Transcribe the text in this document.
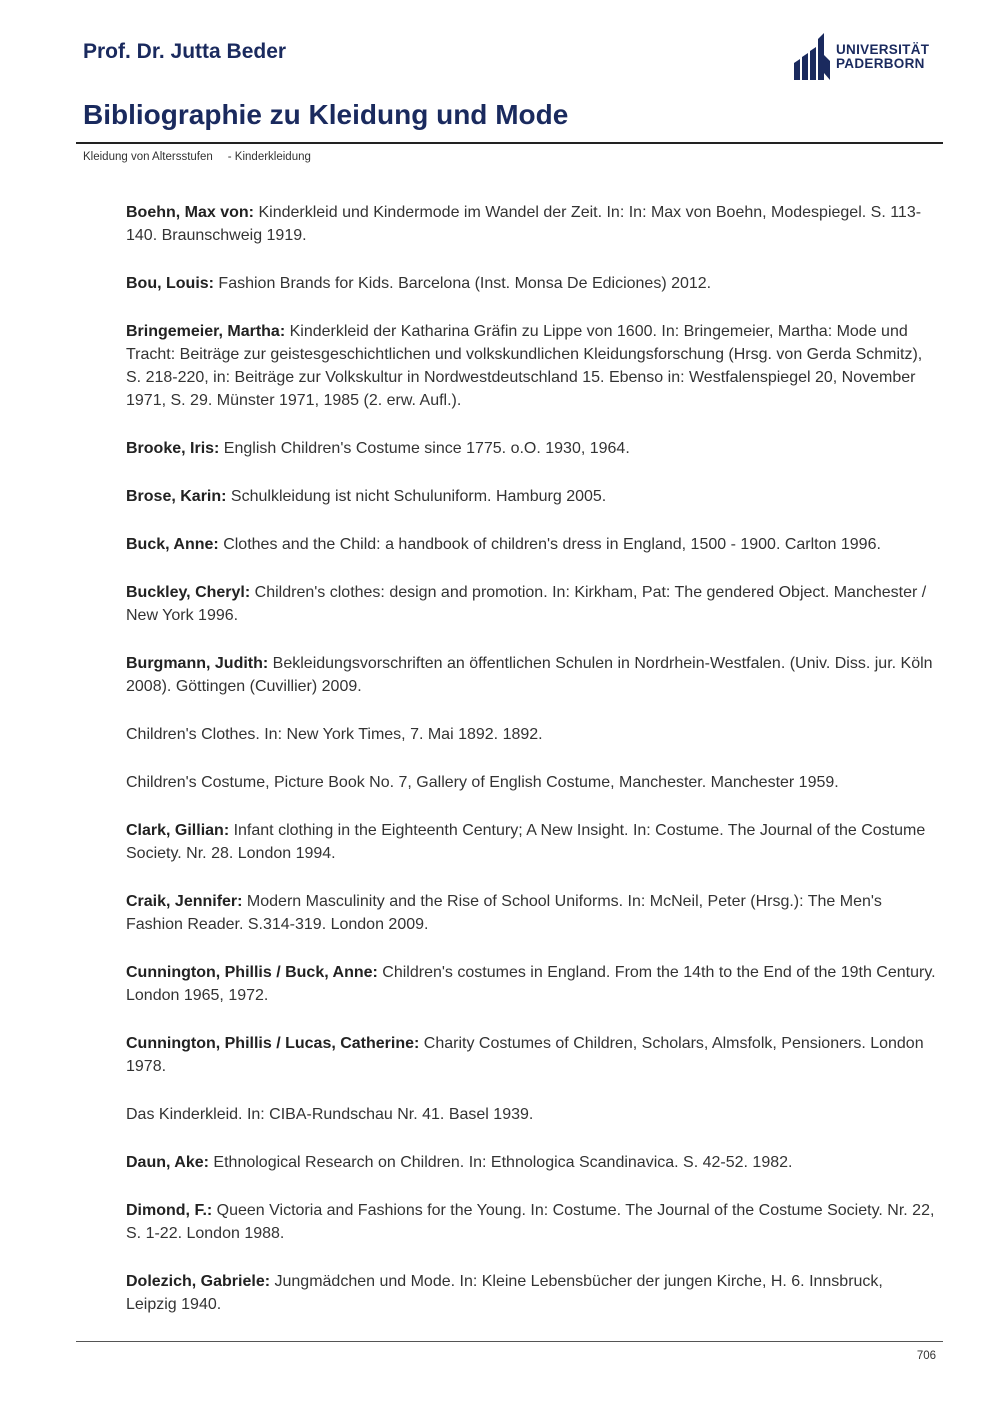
Prof. Dr. Jutta Beder	UNIVERSITÄT
PADERBORN
Bibliographie zu Kleidung und Mode
Kleidung von Altersstufen - Kinderkleidung

Boehn, Max von: Kinderkleid und Kindermode im Wandel der Zeit. In: In: Max von Boehn, Modespiegel. S. 113-140. Braunschweig 1919.

Bou, Louis: Fashion Brands for Kids. Barcelona (Inst. Monsa De Ediciones) 2012.

Bringemeier, Martha: Kinderkleid der Katharina Gräfin zu Lippe von 1600. In: Bringemeier, Martha: Mode und Tracht: Beiträge zur geistesgeschichtlichen und volkskundlichen Kleidungsforschung (Hrsg. von Gerda Schmitz), S. 218-220, in: Beiträge zur Volkskultur in Nordwestdeutschland 15. Ebenso in: Westfalenspiegel 20, November 1971, S. 29. Münster 1971, 1985 (2. erw. Aufl.).

Brooke, Iris: English Children's Costume since 1775. o.O. 1930, 1964.

Brose, Karin: Schulkleidung ist nicht Schuluniform. Hamburg 2005.

Buck, Anne: Clothes and the Child: a handbook of children's dress in England, 1500 - 1900. Carlton 1996.

Buckley, Cheryl: Children's clothes: design and promotion. In: Kirkham, Pat: The gendered Object. Manchester / New York 1996.

Burgmann, Judith: Bekleidungsvorschriften an öffentlichen Schulen in Nordrhein-Westfalen. (Univ. Diss. jur. Köln 2008). Göttingen (Cuvillier) 2009.

Children's Clothes. In: New York Times, 7. Mai 1892. 1892.

Children's Costume, Picture Book No. 7, Gallery of English Costume, Manchester. Manchester 1959.

Clark, Gillian: Infant clothing in the Eighteenth Century; A New Insight. In: Costume. The Journal of the Costume Society. Nr. 28. London 1994.

Craik, Jennifer: Modern Masculinity and the Rise of School Uniforms. In: McNeil, Peter (Hrsg.): The Men's Fashion Reader. S.314-319. London 2009.

Cunnington, Phillis / Buck, Anne: Children's costumes in England. From the 14th to the End of the 19th Century. London 1965, 1972.

Cunnington, Phillis / Lucas, Catherine: Charity Costumes of Children, Scholars, Almsfolk, Pensioners. London 1978.

Das Kinderkleid. In: CIBA-Rundschau Nr. 41. Basel 1939.

Daun, Ake: Ethnological Research on Children. In: Ethnologica Scandinavica. S. 42-52. 1982.

Dimond, F.: Queen Victoria and Fashions for the Young. In: Costume. The Journal of the Costume Society. Nr. 22, S. 1-22. London 1988.

Dolezich, Gabriele: Jungmädchen und Mode. In: Kleine Lebensbücher der jungen Kirche, H. 6. Innsbruck, Leipzig 1940.

706
